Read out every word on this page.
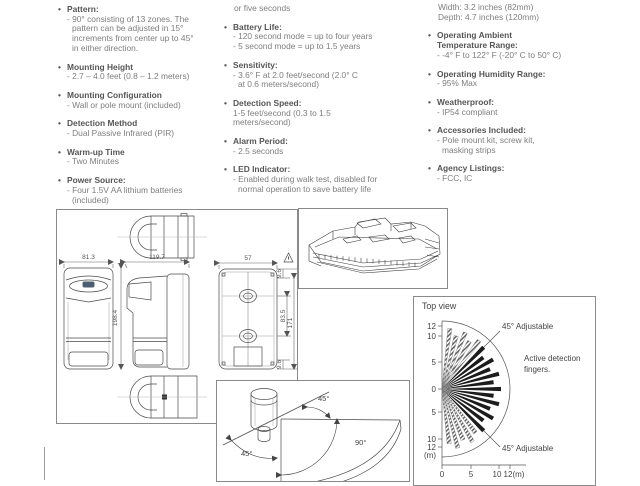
• Pattern:
- 90° consisting of 13 zones. The
pattern can be adjusted in 15°
increments from center up to 45°
in either direction.
• Mounting Height
- 2.7 – 4.0 feet (0.8 – 1.2 meters)
• Mounting Configuration
- Wall or pole mount (included)
• Detection Method
- Dual Passive Infrared (PIR)
• Warm-up Time
- Two Minutes
• Power Source:
- Four 1.5V AA lithium batteries
(included)
or five seconds
• Battery Life:
- 120 second mode = up to four years
- 5 second mode = up to 1.5 years
• Sensitivity:
- 3.6° F at 2.0 feet/second (2.0° C
at 0.6 meters/second)
• Detection Speed:
1-5 feet/second (0.3 to 1.5
meters/second)
• Alarm Period:
- 2.5 seconds
• LED Indicator:
- Enabled during walk test, disabled for
normal operation to save battery life
Width: 3.2 inches (82mm)
Depth: 4.7 inches (120mm)
• Operating Ambient
Temperature Range:
- -4° F to 122° F (-20° C to 50° C)
• Operating Humidity Range:
- 95% Max
• Weatherproof:
- IP54 compliant
• Accessories Included:
- Pole mount kit, screw kit,
masking strips
• Agency Listings:
- FCC, IC
81.3	119.7
198.4
57
9.6
83.5
171
9.6
45°
90°
45°
Top view
12
10
5
0
5
10
12
(m)
0	5 10 12(m)
45° Adjustable
45° Adjustable
Active detection
fingers.
